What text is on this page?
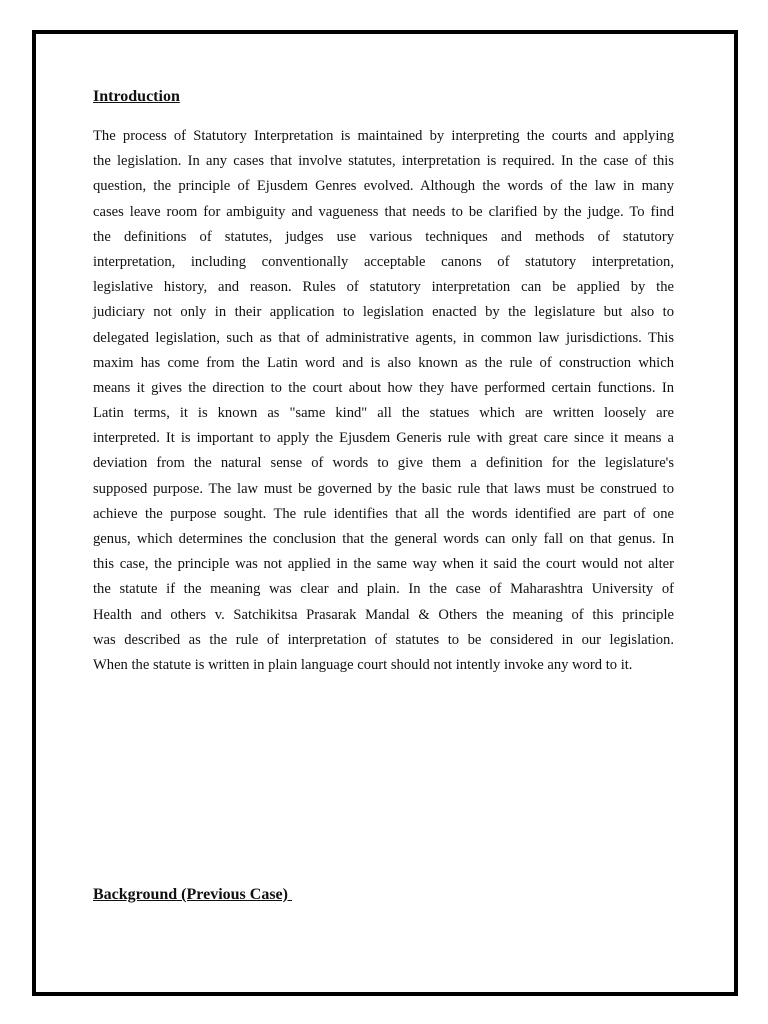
Introduction

The process of Statutory Interpretation is maintained by interpreting the courts and applying
the legislation. In any cases that involve statutes, interpretation is required. In the case of this
question, the principle of Ejusdem Genres evolved. Although the words of the law in many
cases leave room for ambiguity and vagueness that needs to be clarified by the judge. To find
the definitions of statutes, judges use various techniques and methods of statutory
interpretation, including conventionally acceptable canons of statutory interpretation,
legislative history, and reason. Rules of statutory interpretation can be applied by the
judiciary not only in their application to legislation enacted by the legislature but also to
delegated legislation, such as that of administrative agents, in common law jurisdictions. This
maxim has come from the Latin word and is also known as the rule of construction which
means it gives the direction to the court about how they have performed certain functions. In
Latin terms, it is known as "same kind" all the statues which are written loosely are
interpreted. It is important to apply the Ejusdem Generis rule with great care since it means a
deviation from the natural sense of words to give them a definition for the legislature's
supposed purpose. The law must be governed by the basic rule that laws must be construed to
achieve the purpose sought. The rule identifies that all the words identified are part of one
genus, which determines the conclusion that the general words can only fall on that genus. In
this case, the principle was not applied in the same way when it said the court would not alter
the statute if the meaning was clear and plain. In the case of Maharashtra University of
Health and others v. Satchikitsa Prasarak Mandal & Others the meaning of this principle
was described as the rule of interpretation of statutes to be considered in our legislation.
When the statute is written in plain language court should not intently invoke any word to it.

Background (Previous Case)
